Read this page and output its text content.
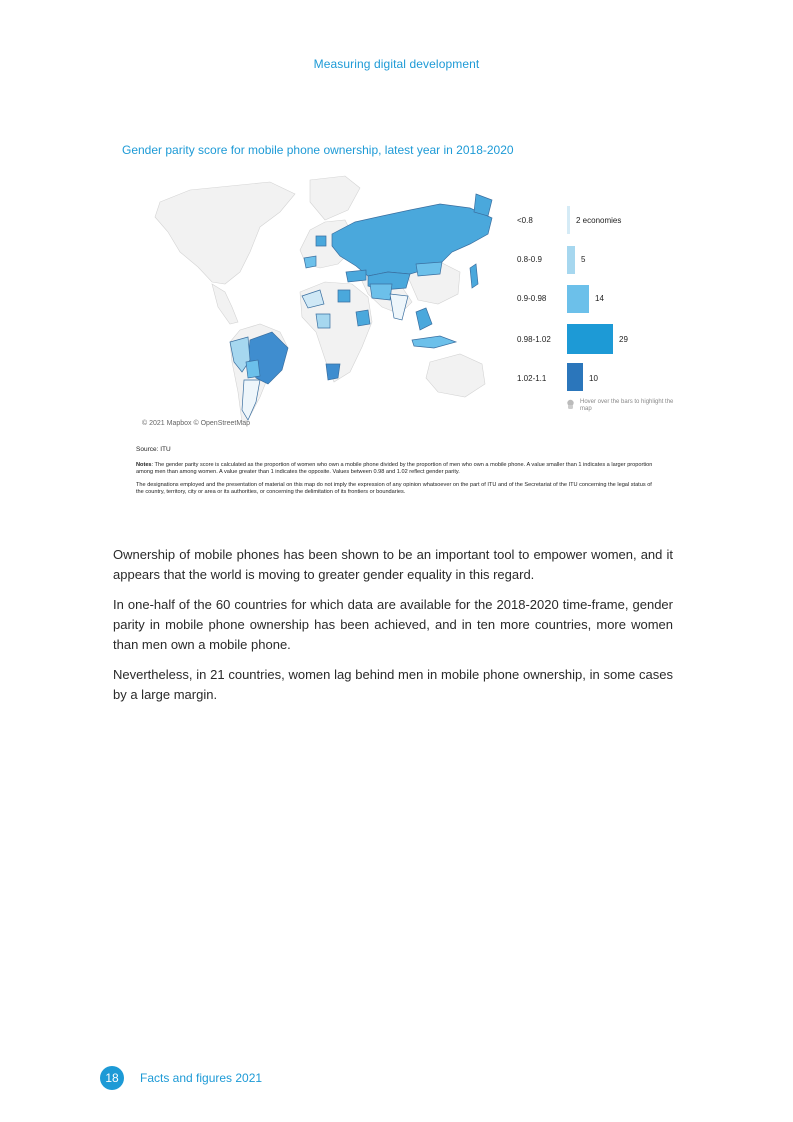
Measuring digital development
Gender parity score for mobile phone ownership, latest year in 2018-2020
© 2021 Mapbox © OpenStreetMap
<0.8
0.8-0.9
0.9-0.98
0.98-1.02
1.02-1.1
2 economies
5
14
29
10
Hover over the bars to highlight the map
Source: ITU

Notes: The gender parity score is calculated as the proportion of women who own a mobile phone divided by the proportion of men who own a mobile phone. A value smaller than 1 indicates a larger proportion among men than among women. A value greater than 1 indicates the opposite. Values between 0.98 and 1.02 reflect gender parity.

The designations employed and the presentation of material on this map do not imply the expression of any opinion whatsoever on the part of ITU and of the Secretariat of the ITU concerning the legal status of the country, territory, city or area or its authorities, or concerning the delimitation of its frontiers or boundaries.

Ownership of mobile phones has been shown to be an important tool to empower women, and it appears that the world is moving to greater gender equality in this regard.

In one-half of the 60 countries for which data are available for the 2018-2020 time-frame, gender parity in mobile phone ownership has been achieved, and in ten more countries, more women than men own a mobile phone.

Nevertheless, in 21 countries, women lag behind men in mobile phone ownership, in some cases by a large margin.

18	Facts and figures 2021
